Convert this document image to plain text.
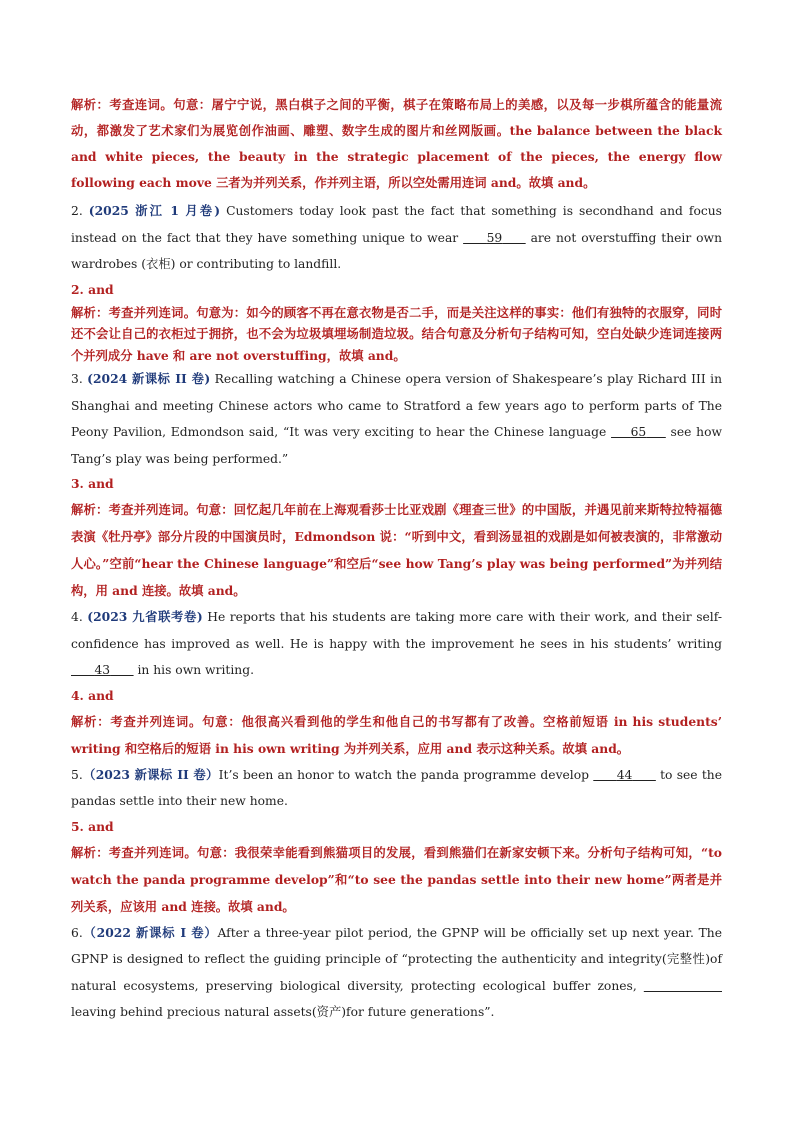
解析：考查连词。句意：屠宁宁说，黑白棋子之间的平衡，棋子在策略布局上的美感，以及每一步棋所蕴含的能量流动，都激发了艺术家们为展览创作油画、雕塑、数字生成的图片和丝网版画。the balance between the black and white pieces, the beauty in the strategic placement of the pieces, the energy flow following each move 三者为并列关系，作并列主语，所以空处需用连词 and。故填 and。
2. (2025 浙江 1 月卷) Customers today look past the fact that something is secondhand and focus instead on the fact that they have something unique to wear       59       are not overstuffing their own wardrobes (衣柜) or contributing to landfill.
2. and
解析：考查并列连词。句意为：如今的顾客不再在意衣物是否二手，而是关注这样的事实：他们有独特的衣服穿，同时还不会让自己的衣柜过于拥挤，也不会为垃圾填埋场制造垃圾。结合句意及分析句子结构可知，空白处缺少连词连接两个并列成分 have 和 are not overstuffing，故填 and。
3. (2024 新课标 II 卷) Recalling watching a Chinese opera version of Shakespeare’s play Richard III in Shanghai and meeting Chinese actors who came to Stratford a few years ago to perform parts of The Peony Pavilion, Edmondson said, “It was very exciting to hear the Chinese language      65      see how Tang’s play was being performed.”
3. and
解析：考查并列连词。句意：回忆起几年前在上海观看莎士比亚戏剧《理查三世》的中国版，并遇见前来斯特拉特福德表演《牡丹亭》部分片段的中国演员时，Edmondson 说：“听到中文，看到汤显祖的戏剧是如何被表演的，非常激动人心。”空前“hear the Chinese language”和空后“see how Tang’s play was being performed”为并列结构，用 and 连接。故填 and。
4. (2023 九省联考卷) He reports that his students are taking more care with their work, and their self-confidence has improved as well. He is happy with the improvement he sees in his students’ writing       43       in his own writing.
4. and
解析：考查并列连词。句意：他很高兴看到他的学生和他自己的书写都有了改善。空格前短语 in his students’ writing 和空格后的短语 in his own writing 为并列关系，应用 and 表示这种关系。故填 and。
5.（2023 新课标 II 卷）It’s been an honor to watch the panda programme develop       44       to see the pandas settle into their new home.
5. and
解析：考查并列连词。句意：我很荣幸能看到熊猫项目的发展，看到熊猫们在新家安顿下来。分析句子结构可知，“to watch the panda programme develop”和“to see the pandas settle into their new home”两者是并列关系，应该用 and 连接。故填 and。
6.（2022 新课标 I 卷）After a three-year pilot period, the GPNP will be officially set up next year. The GPNP is designed to reflect the guiding principle of “protecting the authenticity and integrity(完整性)of natural ecosystems, preserving biological diversity, protecting ecological buffer zones,                      leaving behind precious natural assets(资产)for future generations”.
